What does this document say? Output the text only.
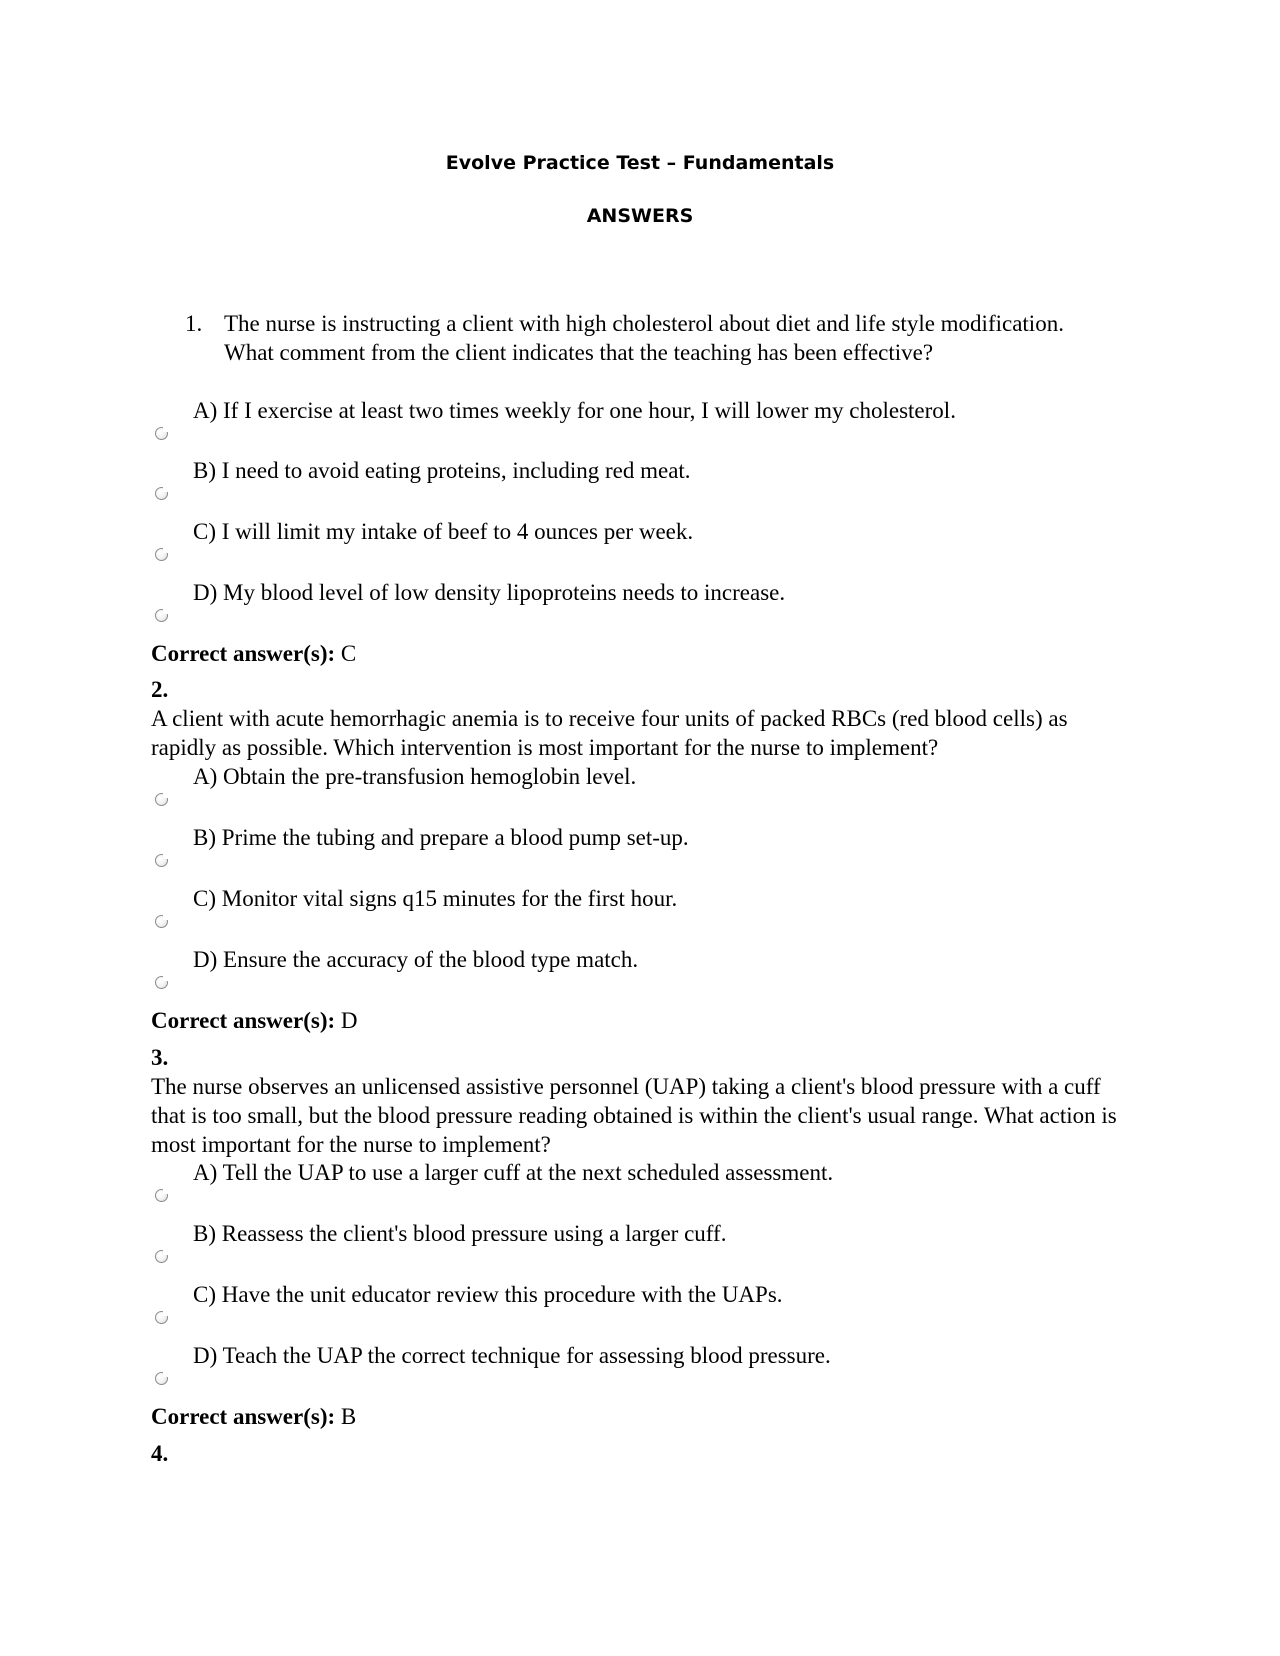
Evolve Practice Test – Fundamentals
ANSWERS
1. The nurse is instructing a client with high cholesterol about diet and life style modification. What comment from the client indicates that the teaching has been effective?
A) If I exercise at least two times weekly for one hour, I will lower my cholesterol.
B) I need to avoid eating proteins, including red meat.
C) I will limit my intake of beef to 4 ounces per week.
D) My blood level of low density lipoproteins needs to increase.
Correct answer(s): C
2.
A client with acute hemorrhagic anemia is to receive four units of packed RBCs (red blood cells) as rapidly as possible. Which intervention is most important for the nurse to implement?
A) Obtain the pre-transfusion hemoglobin level.
B) Prime the tubing and prepare a blood pump set-up.
C) Monitor vital signs q15 minutes for the first hour.
D) Ensure the accuracy of the blood type match.
Correct answer(s): D
3.
The nurse observes an unlicensed assistive personnel (UAP) taking a client's blood pressure with a cuff that is too small, but the blood pressure reading obtained is within the client's usual range. What action is most important for the nurse to implement?
A) Tell the UAP to use a larger cuff at the next scheduled assessment.
B) Reassess the client's blood pressure using a larger cuff.
C) Have the unit educator review this procedure with the UAPs.
D) Teach the UAP the correct technique for assessing blood pressure.
Correct answer(s): B
4.
